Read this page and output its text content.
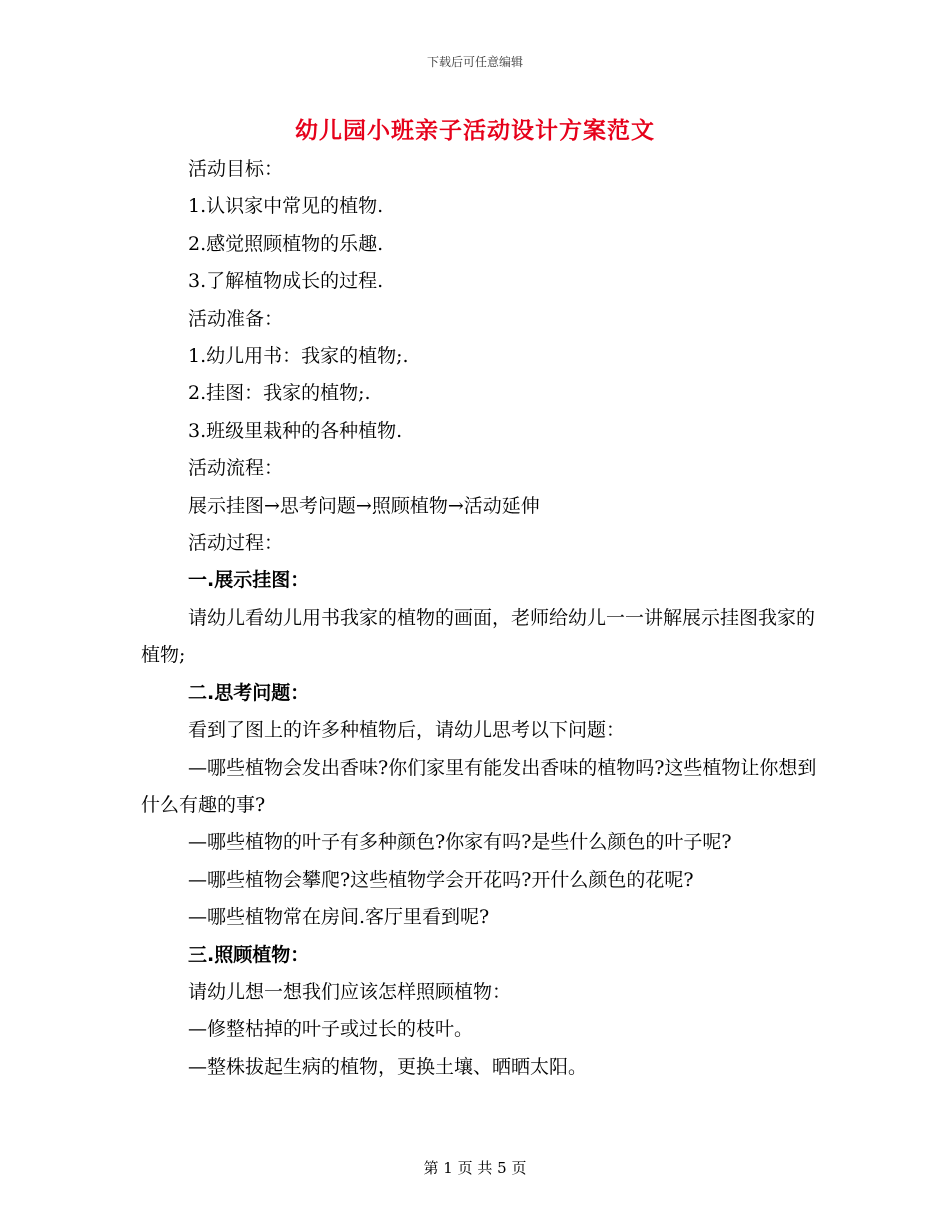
下载后可任意编辑
幼儿园小班亲子活动设计方案范文

活动目标：

1.认识家中常见的植物.

2.感觉照顾植物的乐趣.

3.了解植物成长的过程.

活动准备：

1.幼儿用书：我家的植物;.

2.挂图：我家的植物;.

3.班级里栽种的各种植物.

活动流程：

展示挂图→思考问题→照顾植物→活动延伸

活动过程：

一.展示挂图：

请幼儿看幼儿用书我家的植物的画面，老师给幼儿一一讲解展示挂图我家的植物;

二.思考问题：

看到了图上的许多种植物后，请幼儿思考以下问题：

—哪些植物会发出香味?你们家里有能发出香味的植物吗?这些植物让你想到什么有趣的事?

—哪些植物的叶子有多种颜色?你家有吗?是些什么颜色的叶子呢?

—哪些植物会攀爬?这些植物学会开花吗?开什么颜色的花呢?

—哪些植物常在房间.客厅里看到呢?

三.照顾植物：

请幼儿想一想我们应该怎样照顾植物：

—修整枯掉的叶子或过长的枝叶。

—整株拔起生病的植物，更换土壤、晒晒太阳。

第 1 页 共 5 页
